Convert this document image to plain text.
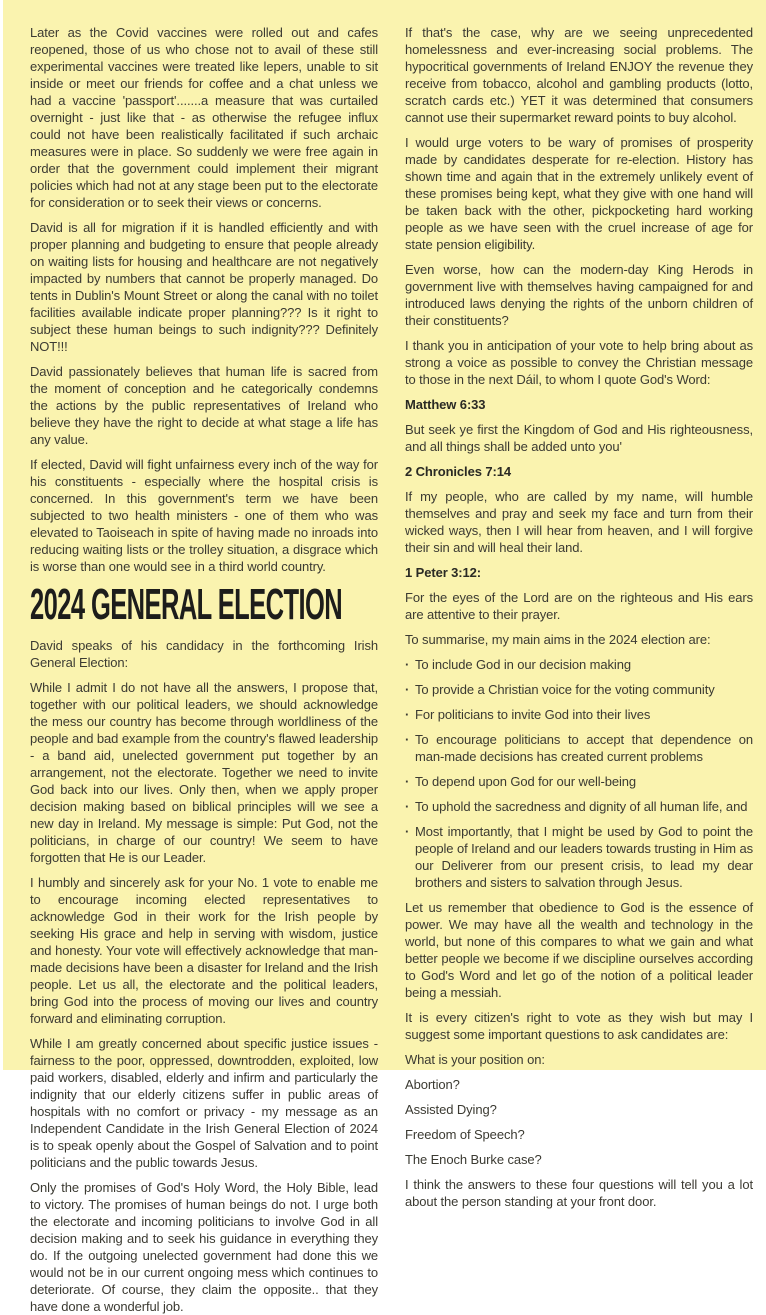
Later as the Covid vaccines were rolled out and cafes reopened, those of us who chose not to avail of these still experimental vaccines were treated like lepers, unable to sit inside or meet our friends for coffee and a chat unless we had a vaccine 'passport'.......a measure that was curtailed overnight - just like that - as otherwise the refugee influx could not have been realistically facilitated if such archaic measures were in place. So suddenly we were free again in order that the government could implement their migrant policies which had not at any stage been put to the electorate for consideration or to seek their views or concerns.

David is all for migration if it is handled efficiently and with proper planning and budgeting to ensure that people already on waiting lists for housing and healthcare are not negatively impacted by numbers that cannot be properly managed. Do tents in Dublin's Mount Street or along the canal with no toilet facilities available indicate proper planning??? Is it right to subject these human beings to such indignity??? Definitely NOT!!!

David passionately believes that human life is sacred from the moment of conception and he categorically condemns the actions by the public representatives of Ireland who believe they have the right to decide at what stage a life has any value.

If elected, David will fight unfairness every inch of the way for his constituents - especially where the hospital crisis is concerned. In this government's term we have been subjected to two health ministers - one of them who was elevated to Taoiseach in spite of having made no inroads into reducing waiting lists or the trolley situation, a disgrace which is worse than one would see in a third world country.

2024 GENERAL ELECTION

David speaks of his candidacy in the forthcoming Irish General Election:

While I admit I do not have all the answers, I propose that, together with our political leaders, we should acknowledge the mess our country has become through worldliness of the people and bad example from the country's flawed leadership - a band aid, unelected government put together by an arrangement, not the electorate. Together we need to invite God back into our lives. Only then, when we apply proper decision making based on biblical principles will we see a new day in Ireland. My message is simple: Put God, not the politicians, in charge of our country! We seem to have forgotten that He is our Leader.

I humbly and sincerely ask for your No. 1 vote to enable me to encourage incoming elected representatives to acknowledge God in their work for the Irish people by seeking His grace and help in serving with wisdom, justice and honesty. Your vote will effectively acknowledge that man-made decisions have been a disaster for Ireland and the Irish people. Let us all, the electorate and the political leaders, bring God into the process of moving our lives and country forward and eliminating corruption.

While I am greatly concerned about specific justice issues - fairness to the poor, oppressed, downtrodden, exploited, low paid workers, disabled, elderly and infirm and particularly the indignity that our elderly citizens suffer in public areas of hospitals with no comfort or privacy - my message as an Independent Candidate in the Irish General Election of 2024 is to speak openly about the Gospel of Salvation and to point politicians and the public towards Jesus.

Only the promises of God's Holy Word, the Holy Bible, lead to victory. The promises of human beings do not. I urge both the electorate and incoming politicians to involve God in all decision making and to seek his guidance in everything they do. If the outgoing unelected government had done this we would not be in our current ongoing mess which continues to deteriorate. Of course, they claim the opposite.. that they have done a wonderful job.

If that's the case, why are we seeing unprecedented homelessness and ever-increasing social problems. The hypocritical governments of Ireland ENJOY the revenue they receive from tobacco, alcohol and gambling products (lotto, scratch cards etc.) YET it was determined that consumers cannot use their supermarket reward points to buy alcohol.

I would urge voters to be wary of promises of prosperity made by candidates desperate for re-election. History has shown time and again that in the extremely unlikely event of these promises being kept, what they give with one hand will be taken back with the other, pickpocketing hard working people as we have seen with the cruel increase of age for state pension eligibility.

Even worse, how can the modern-day King Herods in government live with themselves having campaigned for and introduced laws denying the rights of the unborn children of their constituents?

I thank you in anticipation of your vote to help bring about as strong a voice as possible to convey the Christian message to those in the next Dáil, to whom I quote God's Word:

Matthew 6:33

But seek ye first the Kingdom of God and His righteousness, and all things shall be added unto you'

2 Chronicles 7:14

If my people, who are called by my name, will humble themselves and pray and seek my face and turn from their wicked ways, then I will hear from heaven, and I will forgive their sin and will heal their land.

1 Peter 3:12:

For the eyes of the Lord are on the righteous and His ears are attentive to their prayer.

To summarise, my main aims in the 2024 election are:

· To include God in our decision making

· To provide a Christian voice for the voting community

· For politicians to invite God into their lives

· To encourage politicians to accept that dependence on man-made decisions has created current problems

· To depend upon God for our well-being

· To uphold the sacredness and dignity of all human life, and

· Most importantly, that I might be used by God to point the people of Ireland and our leaders towards trusting in Him as our Deliverer from our present crisis, to lead my dear brothers and sisters to salvation through Jesus.

Let us remember that obedience to God is the essence of power. We may have all the wealth and technology in the world, but none of this compares to what we gain and what better people we become if we discipline ourselves according to God's Word and let go of the notion of a political leader being a messiah.

It is every citizen's right to vote as they wish but may I suggest some important questions to ask candidates are:

What is your position on:

Abortion?

Assisted Dying?

Freedom of Speech?

The Enoch Burke case?

I think the answers to these four questions will tell you a lot about the person standing at your front door.
